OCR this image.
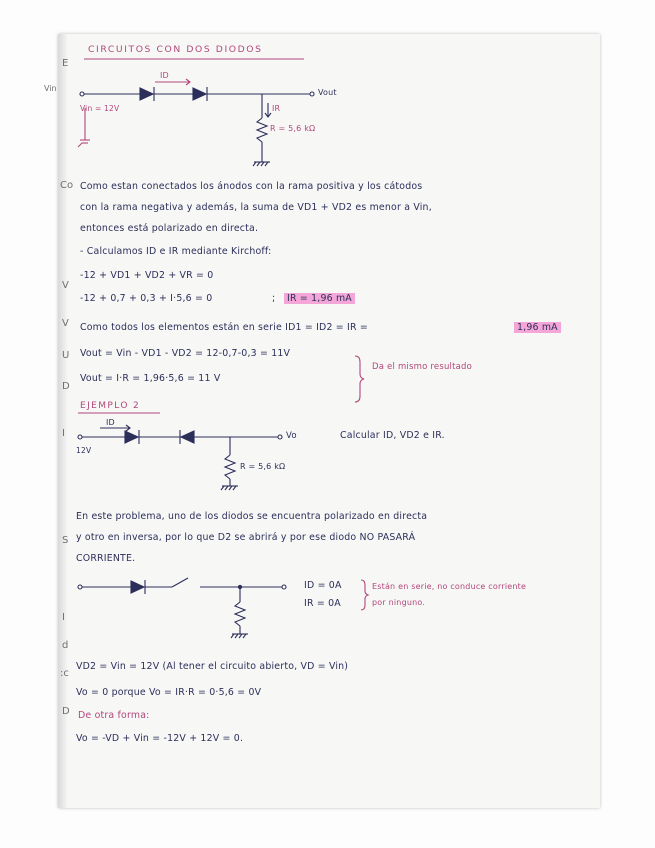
E
Vin
Co
V
V
U
D
I
S
I
d
:c
D
CIRCUITOS CON DOS DIODOS
ID
Vin = 12V
Vout
IR
R = 5,6 kΩ
Como estan conectados los ánodos con la rama positiva y los cátodos
con la rama negativa y además, la suma de VD1 + VD2 es menor a Vin,
entonces está polarizado en directa.
- Calculamos ID e IR mediante Kirchoff:
-12 + VD1 + VD2 + VR = 0
-12 + 0,7 + 0,3 + I·5,6 = 0	;	IR = 1,96 mA
Como todos los elementos están en serie ID1 = ID2 = IR =	1,96 mA
Vout = Vin - VD1 - VD2 = 12-0,7-0,3 = 11V
Vout = I·R = 1,96·5,6 = 11 V
Da el mismo resultado
EJEMPLO 2
ID
12V
Vo
R = 5,6 kΩ
Calcular ID, VD2 e IR.
En este problema, uno de los diodos se encuentra polarizado en directa
y otro en inversa, por lo que D2 se abrirá y por ese diodo NO PASARÁ
CORRIENTE.
ID = 0A
IR = 0A
Están en serie, no conduce corriente
por ninguno.
VD2 = Vin = 12V (Al tener el circuito abierto, VD = Vin)
Vo = 0 porque Vo = IR·R = 0·5,6 = 0V
De otra forma:
Vo = -VD + Vin = -12V + 12V = 0.
